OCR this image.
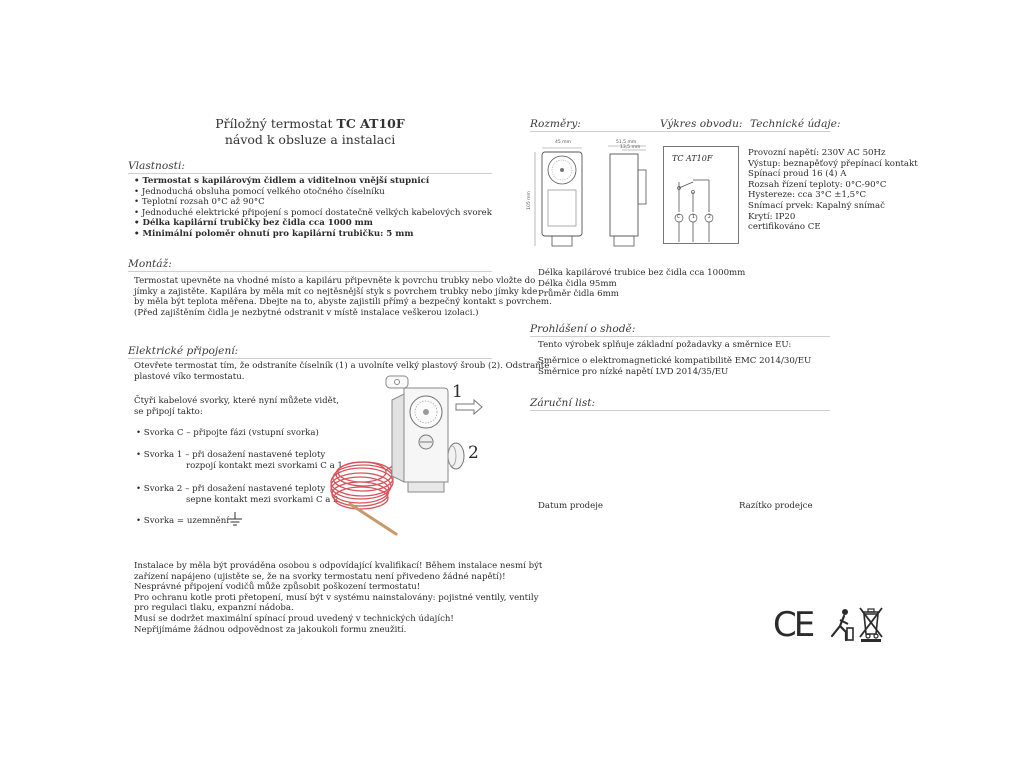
Příložný termostat TC AT10F
návod k obsluze a instalaci
Vlastnosti:
• Termostat s kapilárovým čidlem a viditelnou vnější stupnicí
• Jednoduchá obsluha pomocí velkého otočného číselníku
• Teplotní rozsah 0°C až 90°C
• Jednoduché elektrické připojení s pomocí dostatečně velkých kabelových svorek
• Délka kapilární trubičky bez čidla cca 1000 mm
• Minimální poloměr ohnutí pro kapilární trubičku: 5 mm
Montáž:
Termostat upevněte na vhodné místo a kapiláru připevněte k povrchu trubky nebo vložte do
jímky a zajistěte. Kapilára by měla mít co nejtěsnější styk s povrchem trubky nebo jímky kde
by měla být teplota měřena. Dbejte na to, abyste zajistili přímý a bezpečný kontakt s povrchem.
(Před zajištěním čidla je nezbytné odstranit v místě instalace veškerou izolaci.)
Elektrické připojení:
Otevřete termostat tím, že odstraníte číselník (1) a uvolníte velký plastový šroub (2). Odstraňte
plastové víko termostatu.
Čtyři kabelové svorky, které nyní můžete vidět,
se připojí takto:
• Svorka C – připojte fázi (vstupní svorka)
• Svorka 1 – při dosažení nastavené teploty
rozpojí kontakt mezi svorkami C a 1
• Svorka 2 – při dosažení nastavené teploty
sepne kontakt mezi svorkami C a 2
• Svorka = uzemnění
1
2
Instalace by měla být prováděna osobou s odpovídající kvalifikací! Během instalace nesmí být
zařízení napájeno (ujistěte se, že na svorky termostatu není přivedeno žádné napětí)!
Nesprávné připojení vodičů může způsobit poškození termostatu!
Pro ochranu kotle proti přetopení, musí být v systému nainstalovány: pojistné ventily, ventily
pro regulaci tlaku, expanzní nádoba.
Musí se dodržet maximální spínací proud uvedený v technických údajích!
Nepřijímáme žádnou odpovědnost za jakoukoli formu zneužití.
Rozměry:	Výkres obvodu: Technické údaje:
45 mm	51,5 mm
13,5 mm
105 mm
TC AT10F
C	1	2
Provozní napětí: 230V AC 50Hz
Výstup: beznapěťový přepínací kontakt
Spínací proud 16 (4) A
Rozsah řízení teploty: 0°C-90°C
Hystereze: cca 3°C ±1,5°C
Snímací prvek: Kapalný snímač
Krytí: IP20
certifikováno CE
Délka kapilárové trubice bez čidla cca 1000mm
Délka čidla 95mm
Průměr čidla 6mm
Prohlášení o shodě:
Tento výrobek splňuje základní požadavky a směrnice EU:
Směrnice o elektromagnetické kompatibilitě EMC 2014/30/EU
Směrnice pro nízké napětí LVD 2014/35/EU
Záruční list:
Datum prodeje	Razítko prodejce
CE
